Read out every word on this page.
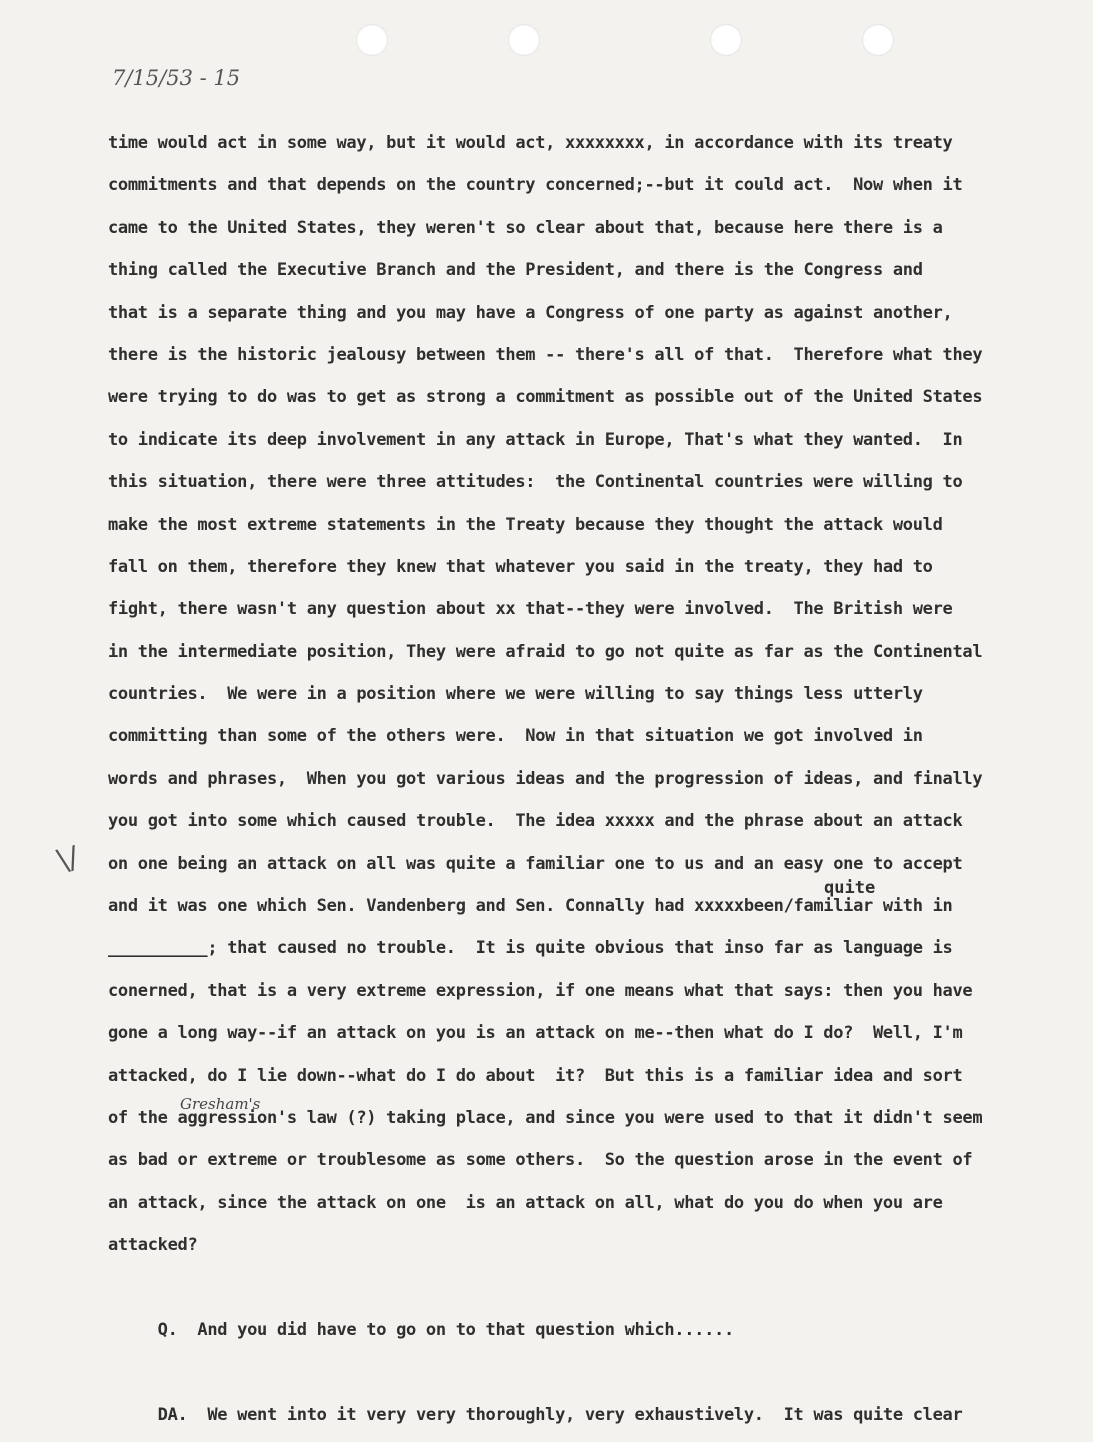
7/15/53 - 15
\/
quite
Gresham's
time would act in some way, but it would act, xxxxxxxx, in accordance with its treaty
commitments and that depends on the country concerned;--but it could act.  Now when it
came to the United States, they weren't so clear about that, because here there is a
thing called the Executive Branch and the President, and there is the Congress and
that is a separate thing and you may have a Congress of one party as against another,
there is the historic jealousy between them -- there's all of that.  Therefore what they
were trying to do was to get as strong a commitment as possible out of the United States
to indicate its deep involvement in any attack in Europe, That's what they wanted.  In
this situation, there were three attitudes:  the Continental countries were willing to
make the most extreme statements in the Treaty because they thought the attack would
fall on them, therefore they knew that whatever you said in the treaty, they had to
fight, there wasn't any question about xx that--they were involved.  The British were
in the intermediate position, They were afraid to go not quite as far as the Continental
countries.  We were in a position where we were willing to say things less utterly
committing than some of the others were.  Now in that situation we got involved in
words and phrases,  When you got various ideas and the progression of ideas, and finally
you got into some which caused trouble.  The idea xxxxx and the phrase about an attack
on one being an attack on all was quite a familiar one to us and an easy one to accept
and it was one which Sen. Vandenberg and Sen. Connally had xxxxxbeen/familiar with in
__________; that caused no trouble.  It is quite obvious that inso far as language is
conerned, that is a very extreme expression, if one means what that says: then you have
gone a long way--if an attack on you is an attack on me--then what do I do?  Well, I'm
attacked, do I lie down--what do I do about  it?  But this is a familiar idea and sort
of the aggression's law (?) taking place, and since you were used to that it didn't seem
as bad or extreme or troublesome as some others.  So the question arose in the event of
an attack, since the attack on one  is an attack on all, what do you do when you are
attacked?
Q.  And you did have to go on to that question which......
DA.  We went into it very very thoroughly, very exhaustively.  It was quite clear
